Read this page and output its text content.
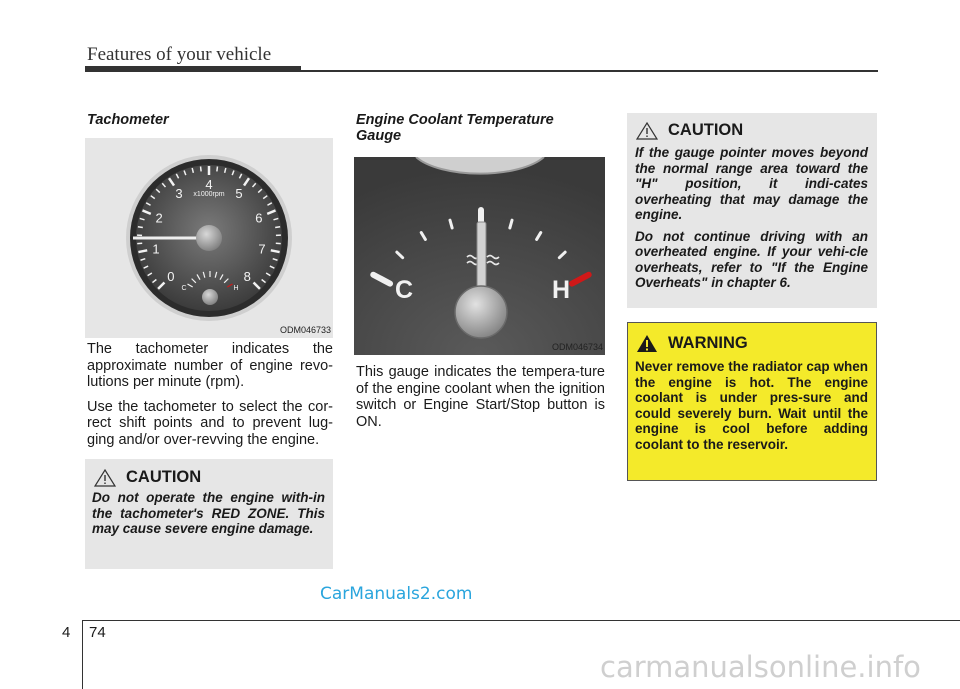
Features of your vehicle
Tachometer
0
1
2
3
4
5
6
7
8
x1000rpm
C	H
ODM046733

The tachometer indicates the approximate number of engine revo-lutions per minute (rpm).

Use the tachometer to select the cor-rect shift points and to prevent lug-ging and/or over-revving the engine.

CAUTION
Do not operate the engine with-in the tachometer's RED ZONE. This may cause severe engine damage.
Engine Coolant Temperature Gauge
C	H
ODM046734

This gauge indicates the tempera-ture of the engine coolant when the ignition switch or Engine Start/Stop button is ON.

CAUTION

If the gauge pointer moves beyond the normal range area toward the "H" position, it indi-cates overheating that may damage the engine.

Do not continue driving with an overheated engine. If your vehi-cle overheats, refer to "If the Engine Overheats" in chapter 6.

WARNING
Never remove the radiator cap when the engine is hot. The engine coolant is under pres-sure and could severely burn. Wait until the engine is cool before adding coolant to the reservoir.
CarManuals2.com
4 74
carmanualsonline.info
